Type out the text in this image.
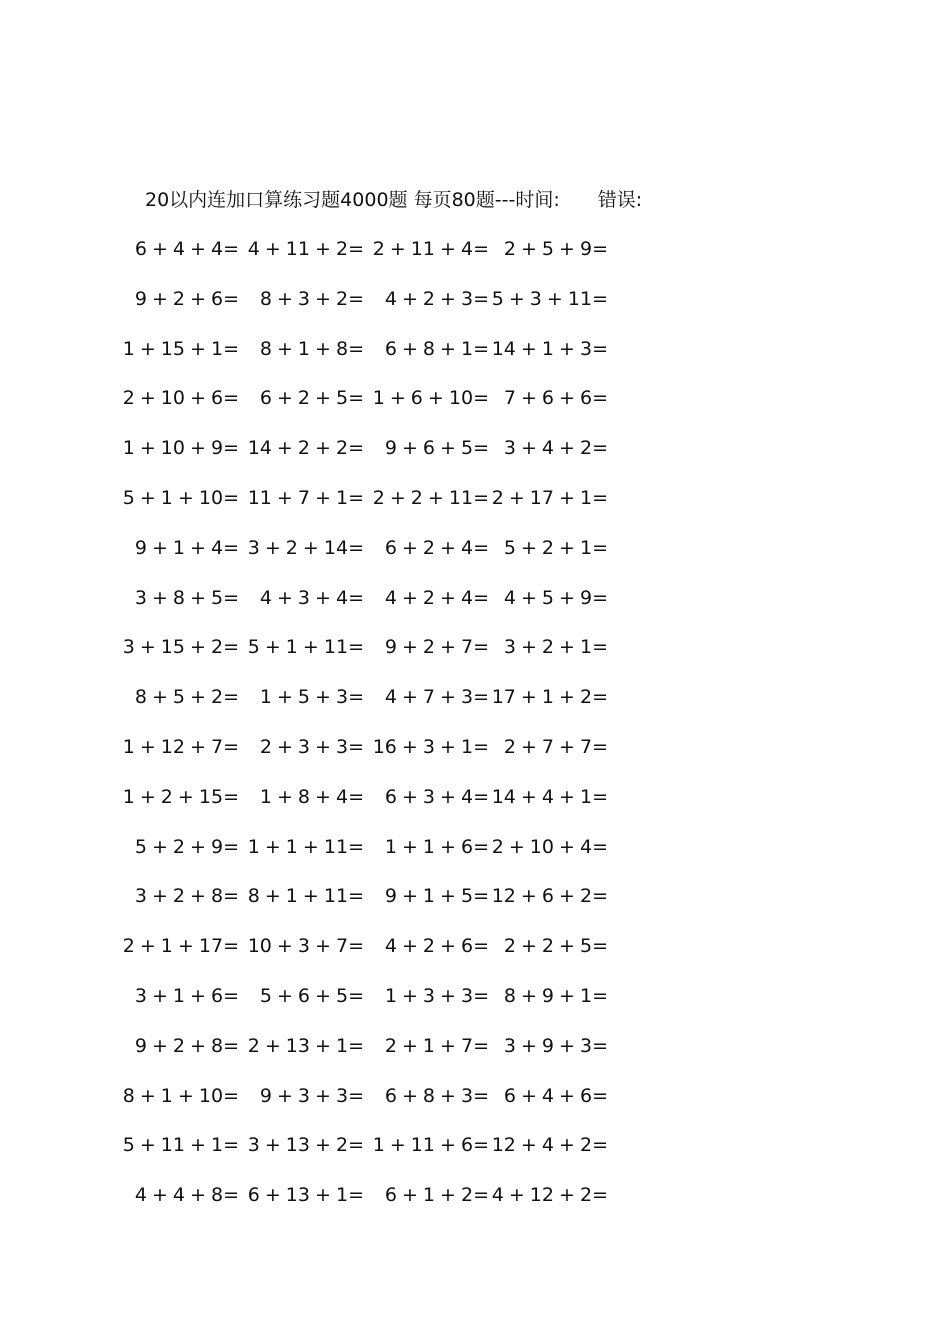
20以内连加口算练习题4000题 每页80题---时间: 错误:
6 + 4 + 4= 4 + 11 + 2= 2 + 11 + 4= 2 + 5 + 9=
9 + 2 + 6= 8 + 3 + 2= 4 + 2 + 3= 5 + 3 + 11=
1 + 15 + 1= 8 + 1 + 8= 6 + 8 + 1= 14 + 1 + 3=
2 + 10 + 6= 6 + 2 + 5= 1 + 6 + 10= 7 + 6 + 6=
1 + 10 + 9= 14 + 2 + 2= 9 + 6 + 5= 3 + 4 + 2=
5 + 1 + 10= 11 + 7 + 1= 2 + 2 + 11= 2 + 17 + 1=
9 + 1 + 4= 3 + 2 + 14= 6 + 2 + 4= 5 + 2 + 1=
3 + 8 + 5= 4 + 3 + 4= 4 + 2 + 4= 4 + 5 + 9=
3 + 15 + 2= 5 + 1 + 11= 9 + 2 + 7= 3 + 2 + 1=
8 + 5 + 2= 1 + 5 + 3= 4 + 7 + 3= 17 + 1 + 2=
1 + 12 + 7= 2 + 3 + 3= 16 + 3 + 1= 2 + 7 + 7=
1 + 2 + 15= 1 + 8 + 4= 6 + 3 + 4= 14 + 4 + 1=
5 + 2 + 9= 1 + 1 + 11= 1 + 1 + 6= 2 + 10 + 4=
3 + 2 + 8= 8 + 1 + 11= 9 + 1 + 5= 12 + 6 + 2=
2 + 1 + 17= 10 + 3 + 7= 4 + 2 + 6= 2 + 2 + 5=
3 + 1 + 6= 5 + 6 + 5= 1 + 3 + 3= 8 + 9 + 1=
9 + 2 + 8= 2 + 13 + 1= 2 + 1 + 7= 3 + 9 + 3=
8 + 1 + 10= 9 + 3 + 3= 6 + 8 + 3= 6 + 4 + 6=
5 + 11 + 1= 3 + 13 + 2= 1 + 11 + 6= 12 + 4 + 2=
4 + 4 + 8= 6 + 13 + 1= 6 + 1 + 2= 4 + 12 + 2=
